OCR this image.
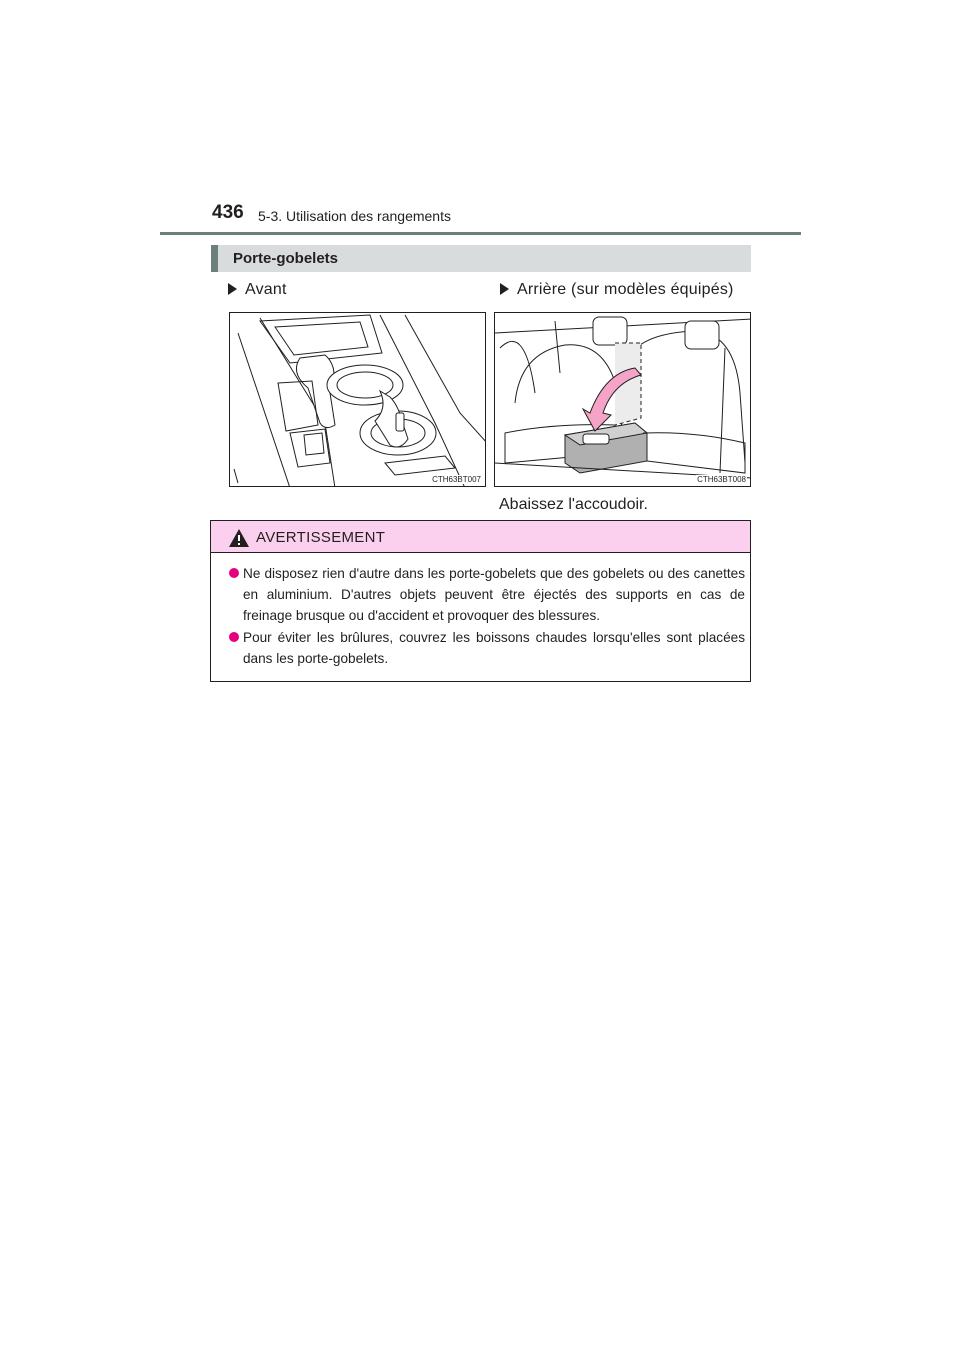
436 5-3. Utilisation des rangements
Porte-gobelets
Avant	Arrière (sur modèles équipés)
CTH63BT007	CTH63BT008
Abaissez l'accoudoir.
AVERTISSEMENT
Ne disposez rien d'autre dans les porte-gobelets que des gobelets ou des canettes en aluminium. D'autres objets peuvent être éjectés des supports en cas de freinage brusque ou d'accident et provoquer des blessures.
Pour éviter les brûlures, couvrez les boissons chaudes lorsqu'elles sont placées dans les porte-gobelets.
